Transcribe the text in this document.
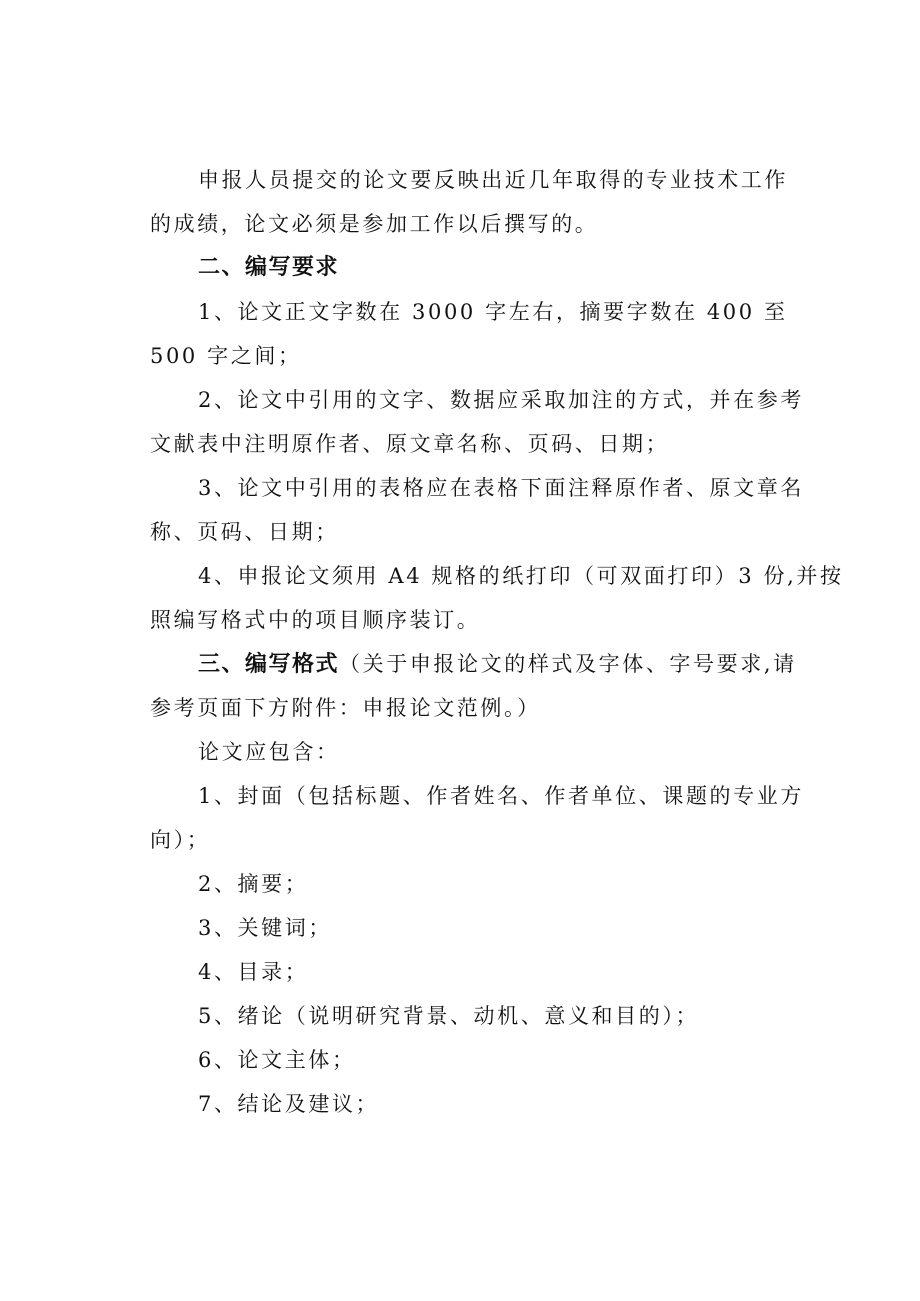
申报人员提交的论文要反映出近几年取得的专业技术工作
的成绩，论文必须是参加工作以后撰写的。
二、编写要求
1、论文正文字数在 3000 字左右，摘要字数在 400 至
500 字之间；
2、论文中引用的文字、数据应采取加注的方式，并在参考
文献表中注明原作者、原文章名称、页码、日期；
3、论文中引用的表格应在表格下面注释原作者、原文章名
称、页码、日期；
4、申报论文须用 A4 规格的纸打印（可双面打印）3 份,并按
照编写格式中的项目顺序装订。
三、编写格式（关于申报论文的样式及字体、字号要求,请
参考页面下方附件：申报论文范例。）
论文应包含：
1、封面（包括标题、作者姓名、作者单位、课题的专业方
向）；
2、摘要；
3、关键词；
4、目录；
5、绪论（说明研究背景、动机、意义和目的）；
6、论文主体；
7、结论及建议；
